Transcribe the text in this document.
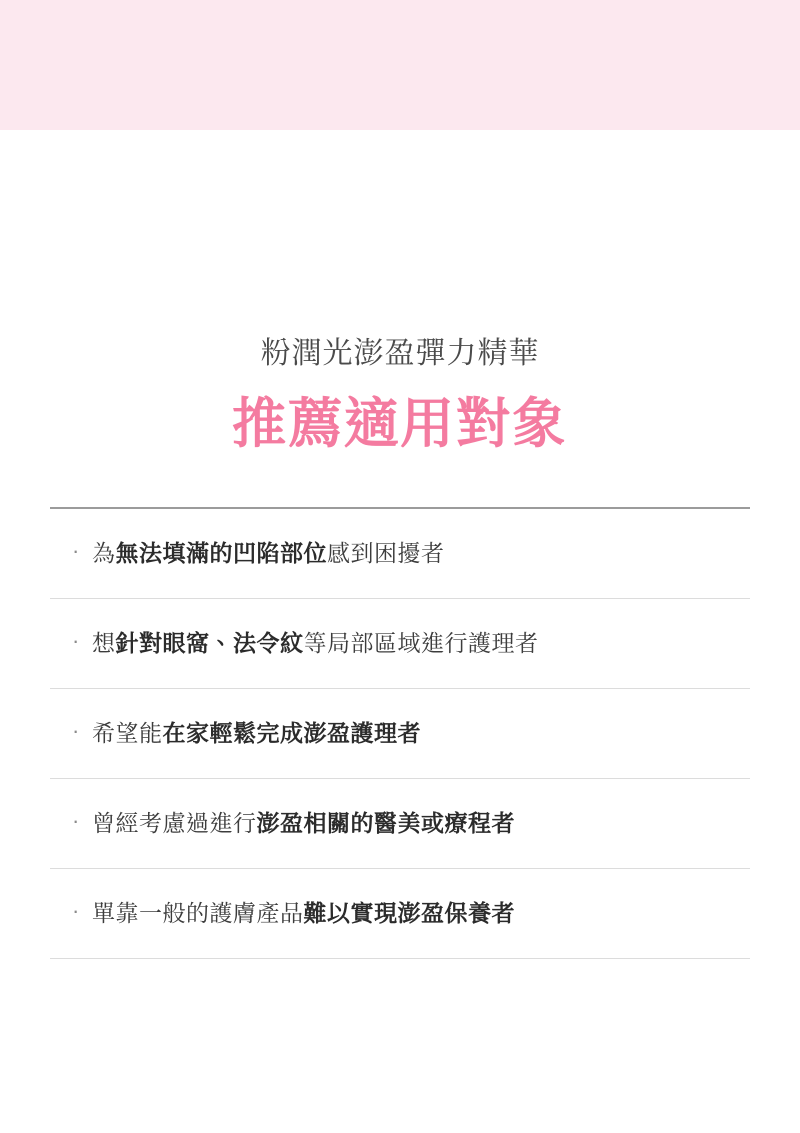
粉潤光澎盈彈力精華
推薦適用對象
· 為無法填滿的凹陷部位感到困擾者
· 想針對眼窩、法令紋等局部區域進行護理者
· 希望能在家輕鬆完成澎盈護理者
· 曾經考慮過進行澎盈相關的醫美或療程者
· 單靠一般的護膚產品難以實現澎盈保養者
